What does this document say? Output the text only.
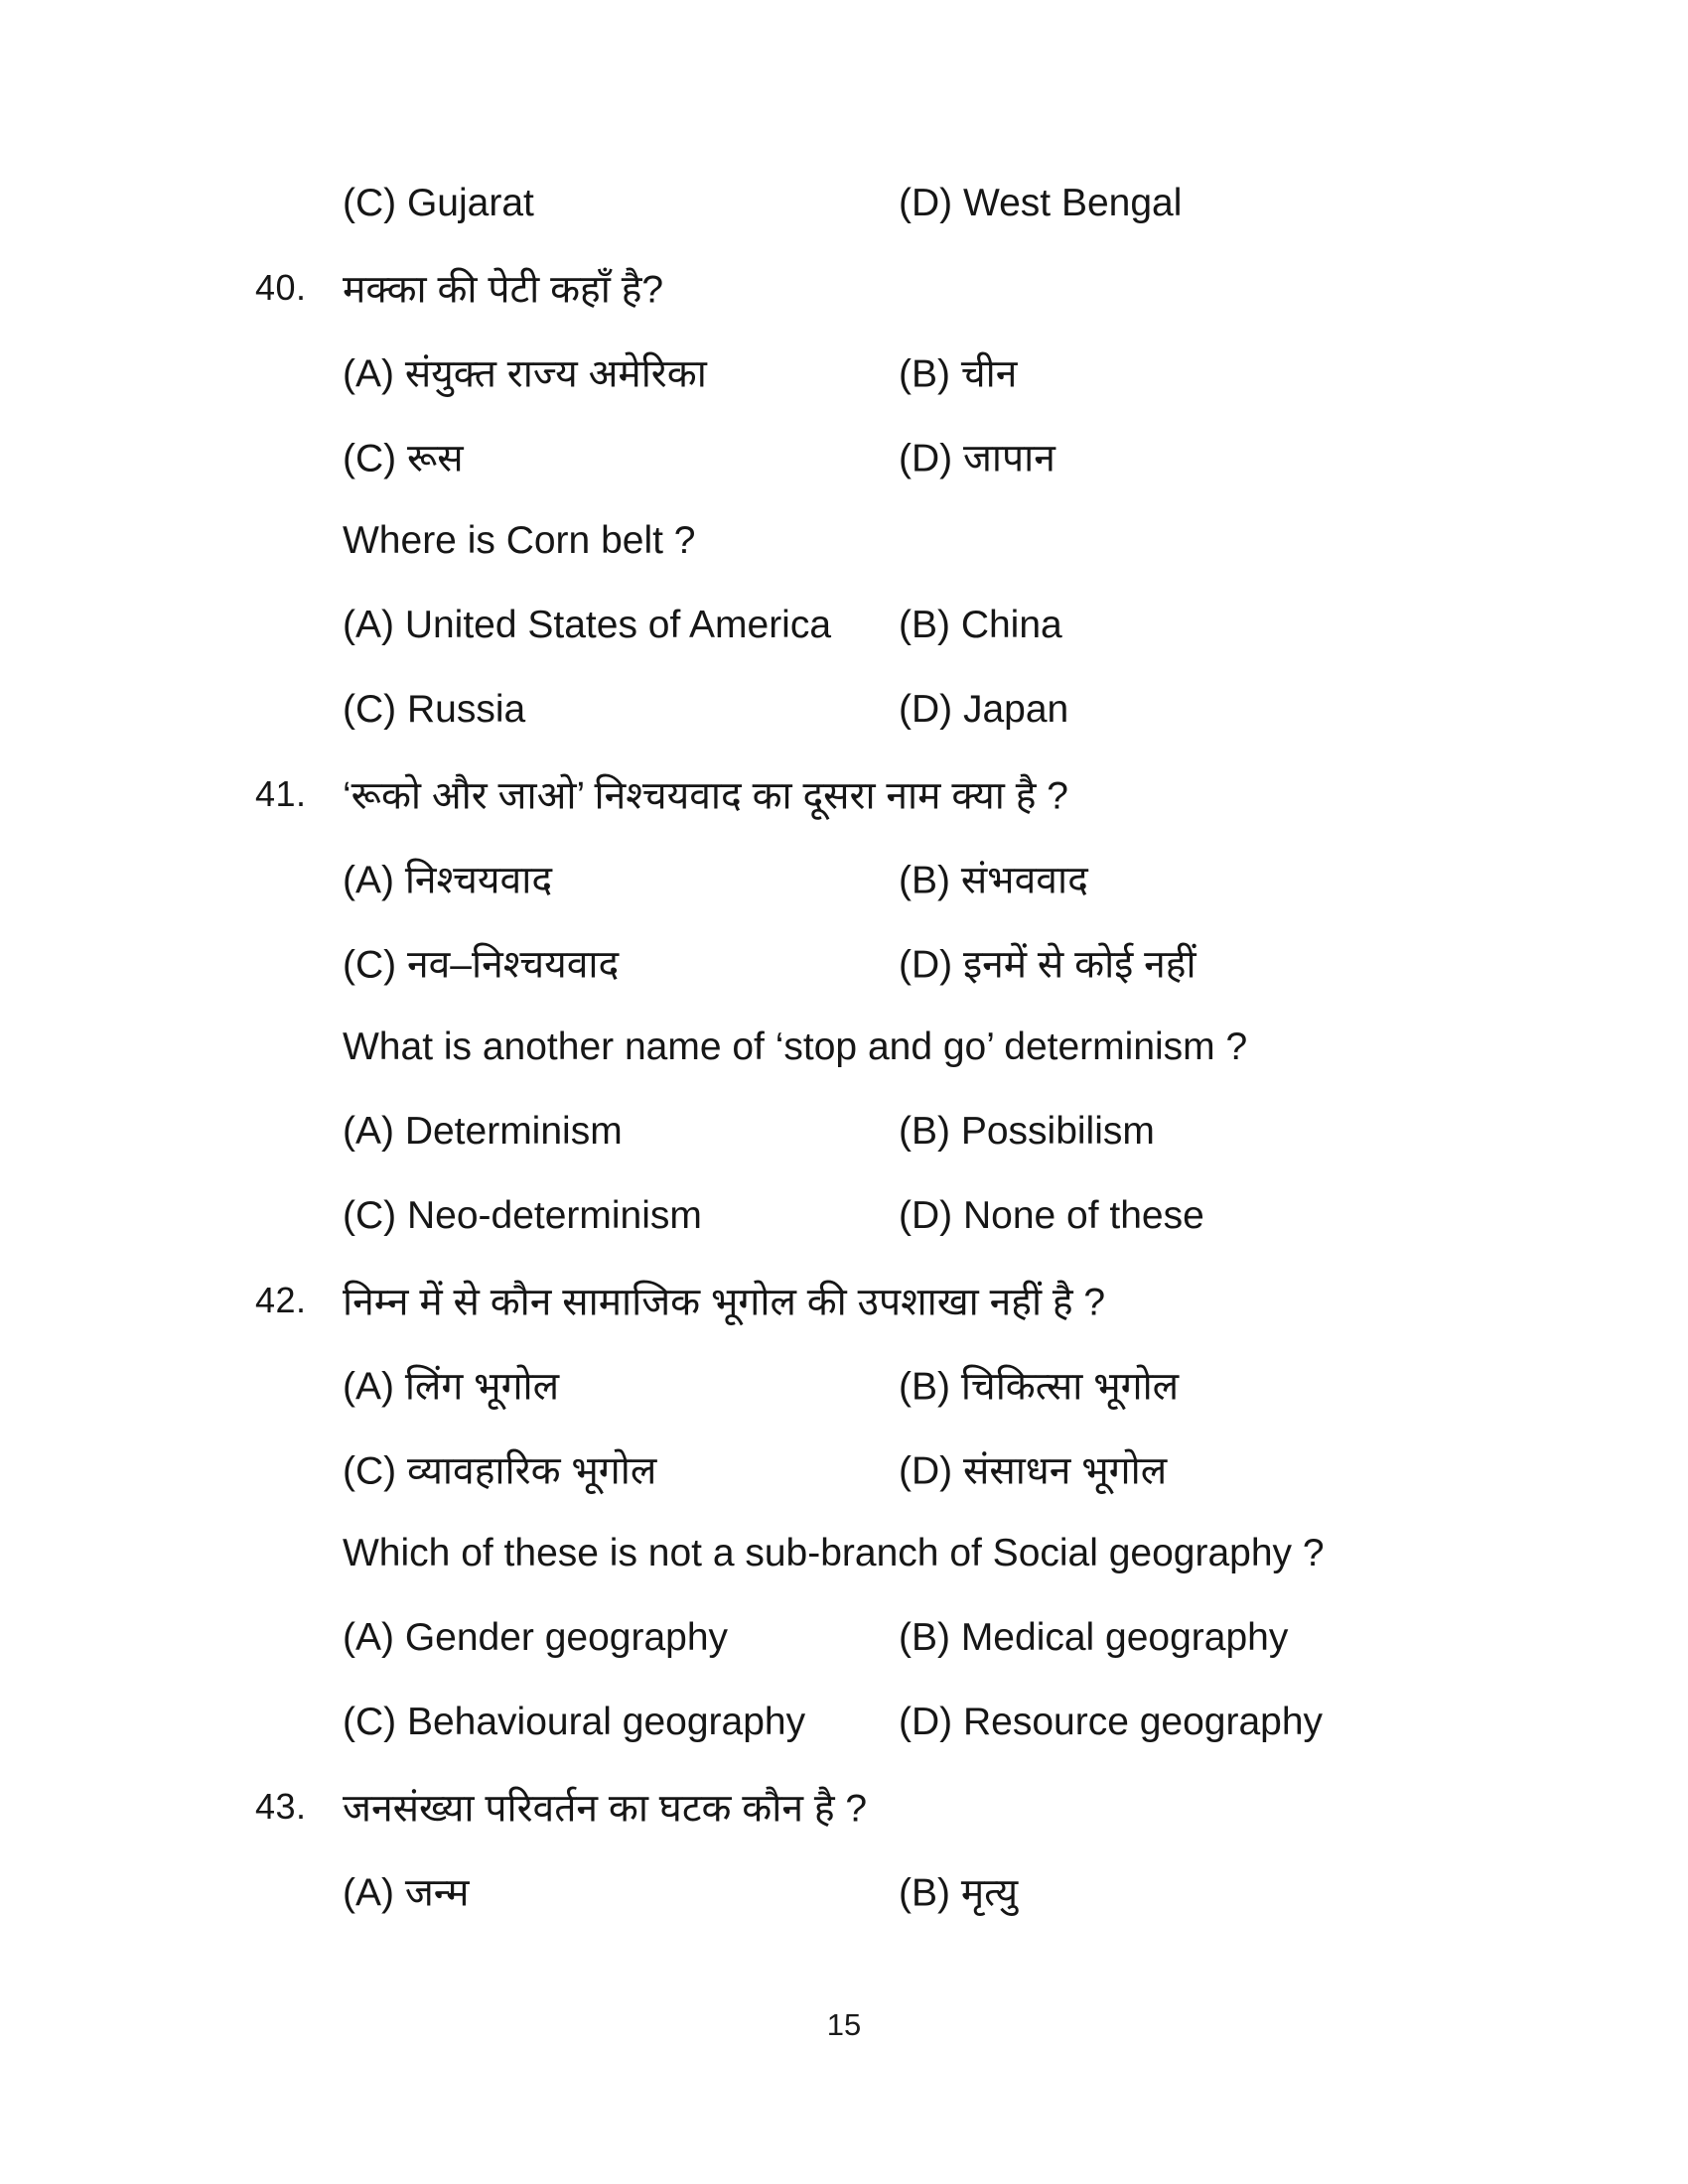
(C) Gujarat	(D) West Bengal
40. मक्का की पेटी कहाँ है?
(A) संयुक्त राज्य अमेरिका	(B) चीन
(C) रूस	(D) जापान
Where is Corn belt ?
(A) United States of America (B) China
(C) Russia	(D) Japan
41. ‘रूको और जाओ’ निश्चयवाद का दूसरा नाम क्या है ?
(A) निश्चयवाद	(B) संभववाद
(C) नव–निश्चयवाद	(D) इनमें से कोई नहीं
What is another name of ‘stop and go’ determinism ?
(A) Determinism	(B) Possibilism
(C) Neo-determinism	(D) None of these
42. निम्न में से कौन सामाजिक भूगोल की उपशाखा नहीं है ?
(A) लिंग भूगोल	(B) चिकित्सा भूगोल
(C) व्यावहारिक भूगोल	(D) संसाधन भूगोल
Which of these is not a sub-branch of Social geography ?
(A) Gender geography	(B) Medical geography
(C) Behavioural geography (D) Resource geography
43. जनसंख्या परिवर्तन का घटक कौन है ?
(A) जन्म	(B) मृत्यु
15
